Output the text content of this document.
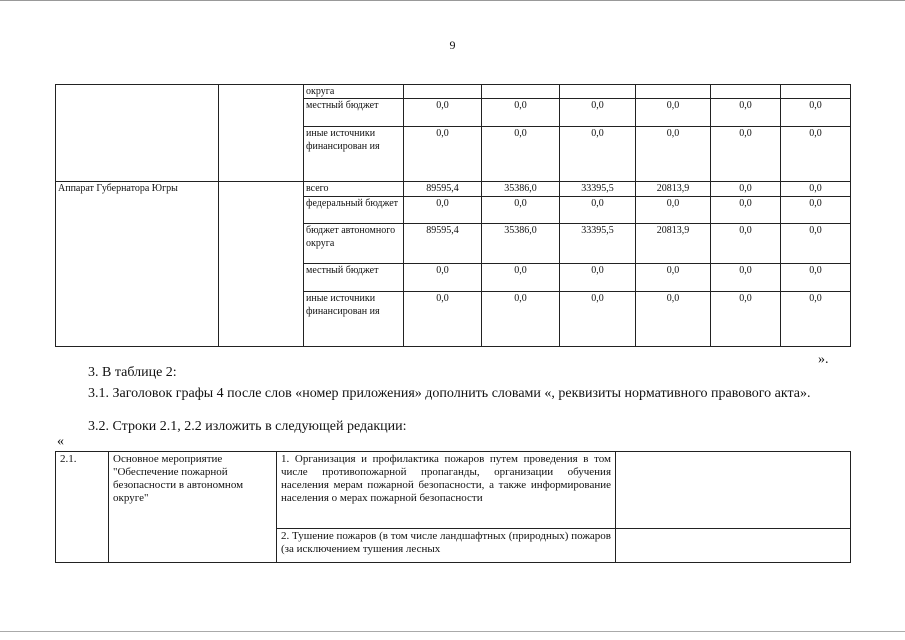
9
		округа						
		местный бюджет	0,0	0,0	0,0	0,0	0,0	0,0
		иные источники финансирован ия	0,0	0,0	0,0	0,0	0,0	0,0
Аппарат Губернатора Югры		всего	89595,4	35386,0	33395,5	20813,9	0,0	0,0
		федеральный бюджет	0,0	0,0	0,0	0,0	0,0	0,0
		бюджет автономного округа	89595,4	35386,0	33395,5	20813,9	0,0	0,0
		местный бюджет	0,0	0,0	0,0	0,0	0,0	0,0
		иные источники финансирован ия	0,0	0,0	0,0	0,0	0,0	0,0
».
3. В таблице 2:
3.1. Заголовок графы 4 после слов «номер приложения» дополнить словами «, реквизиты нормативного правового акта».
3.2. Строки 2.1, 2.2 изложить в следующей редакции:
«
2.1.	Основное мероприятие "Обеспечение пожарной безопасности в автономном округе"	1. Организация и профилактика пожаров путем проведения в том числе противопожарной пропаганды, организации обучения населения мерам пожарной безопасности, а также информирование населения о мерах пожарной безопасности	
		2. Тушение пожаров (в том числе ландшафтных (природных) пожаров (за исключением тушения лесных	
